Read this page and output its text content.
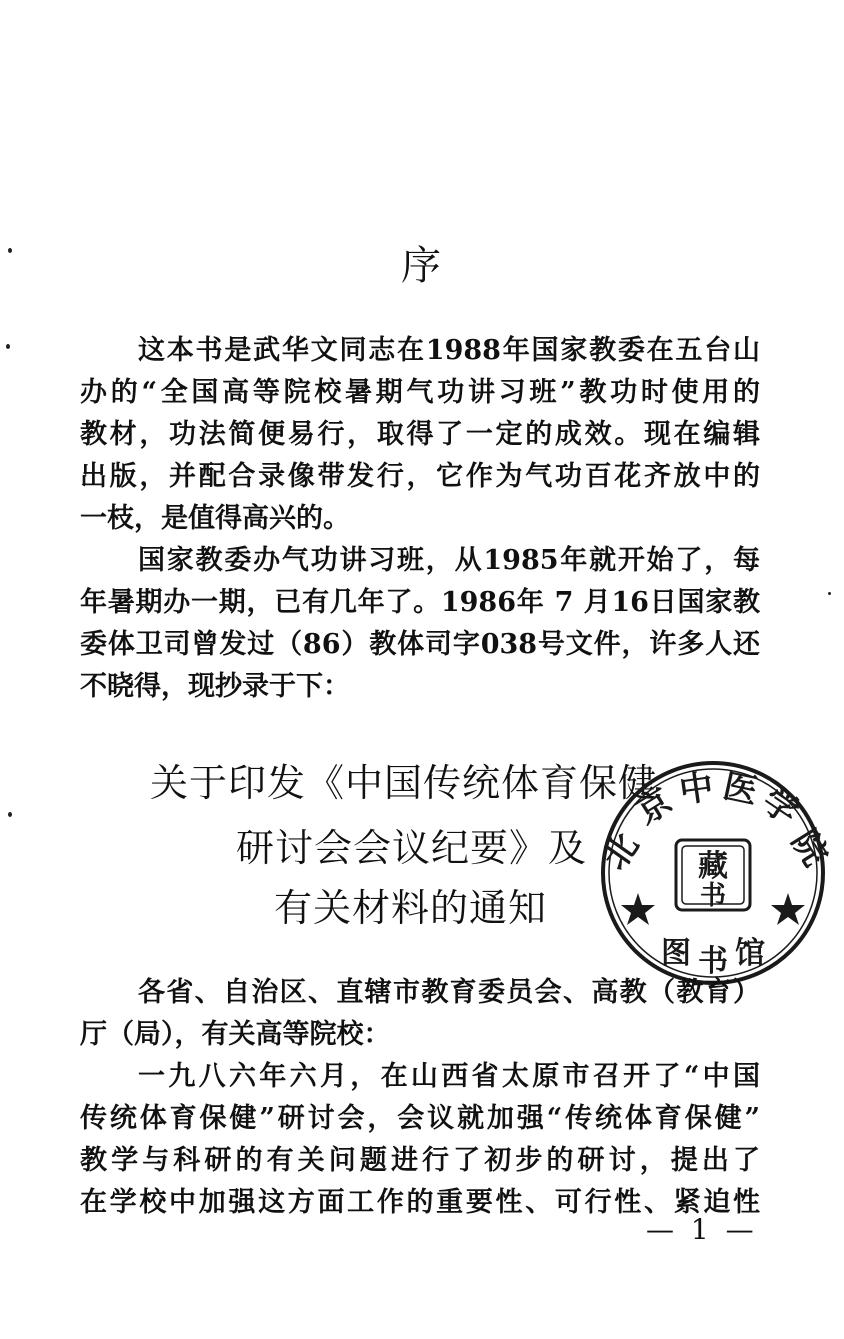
序
这本书是武华文同志在1988年国家教委在五台山
办的“全国高等院校暑期气功讲习班”教功时使用的
教材，功法简便易行，取得了一定的成效。现在编辑
出版，并配合录像带发行，它作为气功百花齐放中的
一枝，是值得高兴的。
国家教委办气功讲习班，从1985年就开始了，每
年暑期办一期，已有几年了。1986年 7 月16日国家教
委体卫司曾发过（86）教体司字038号文件，许多人还
不晓得，现抄录于下：
关于印发《中国传统体育保健
研讨会会议纪要》及
有关材料的通知
北
京
中 医
学
院
藏
书
图 书 馆
各省、自治区、直辖市教育委员会、高教（教育）
厅（局），有关高等院校：
一九八六年六月，在山西省太原市召开了“中国
传统体育保健”研讨会，会议就加强“传统体育保健”
教学与科研的有关问题进行了初步的研讨，提出了
在学校中加强这方面工作的重要性、可行性、紧迫性
— 1 —
